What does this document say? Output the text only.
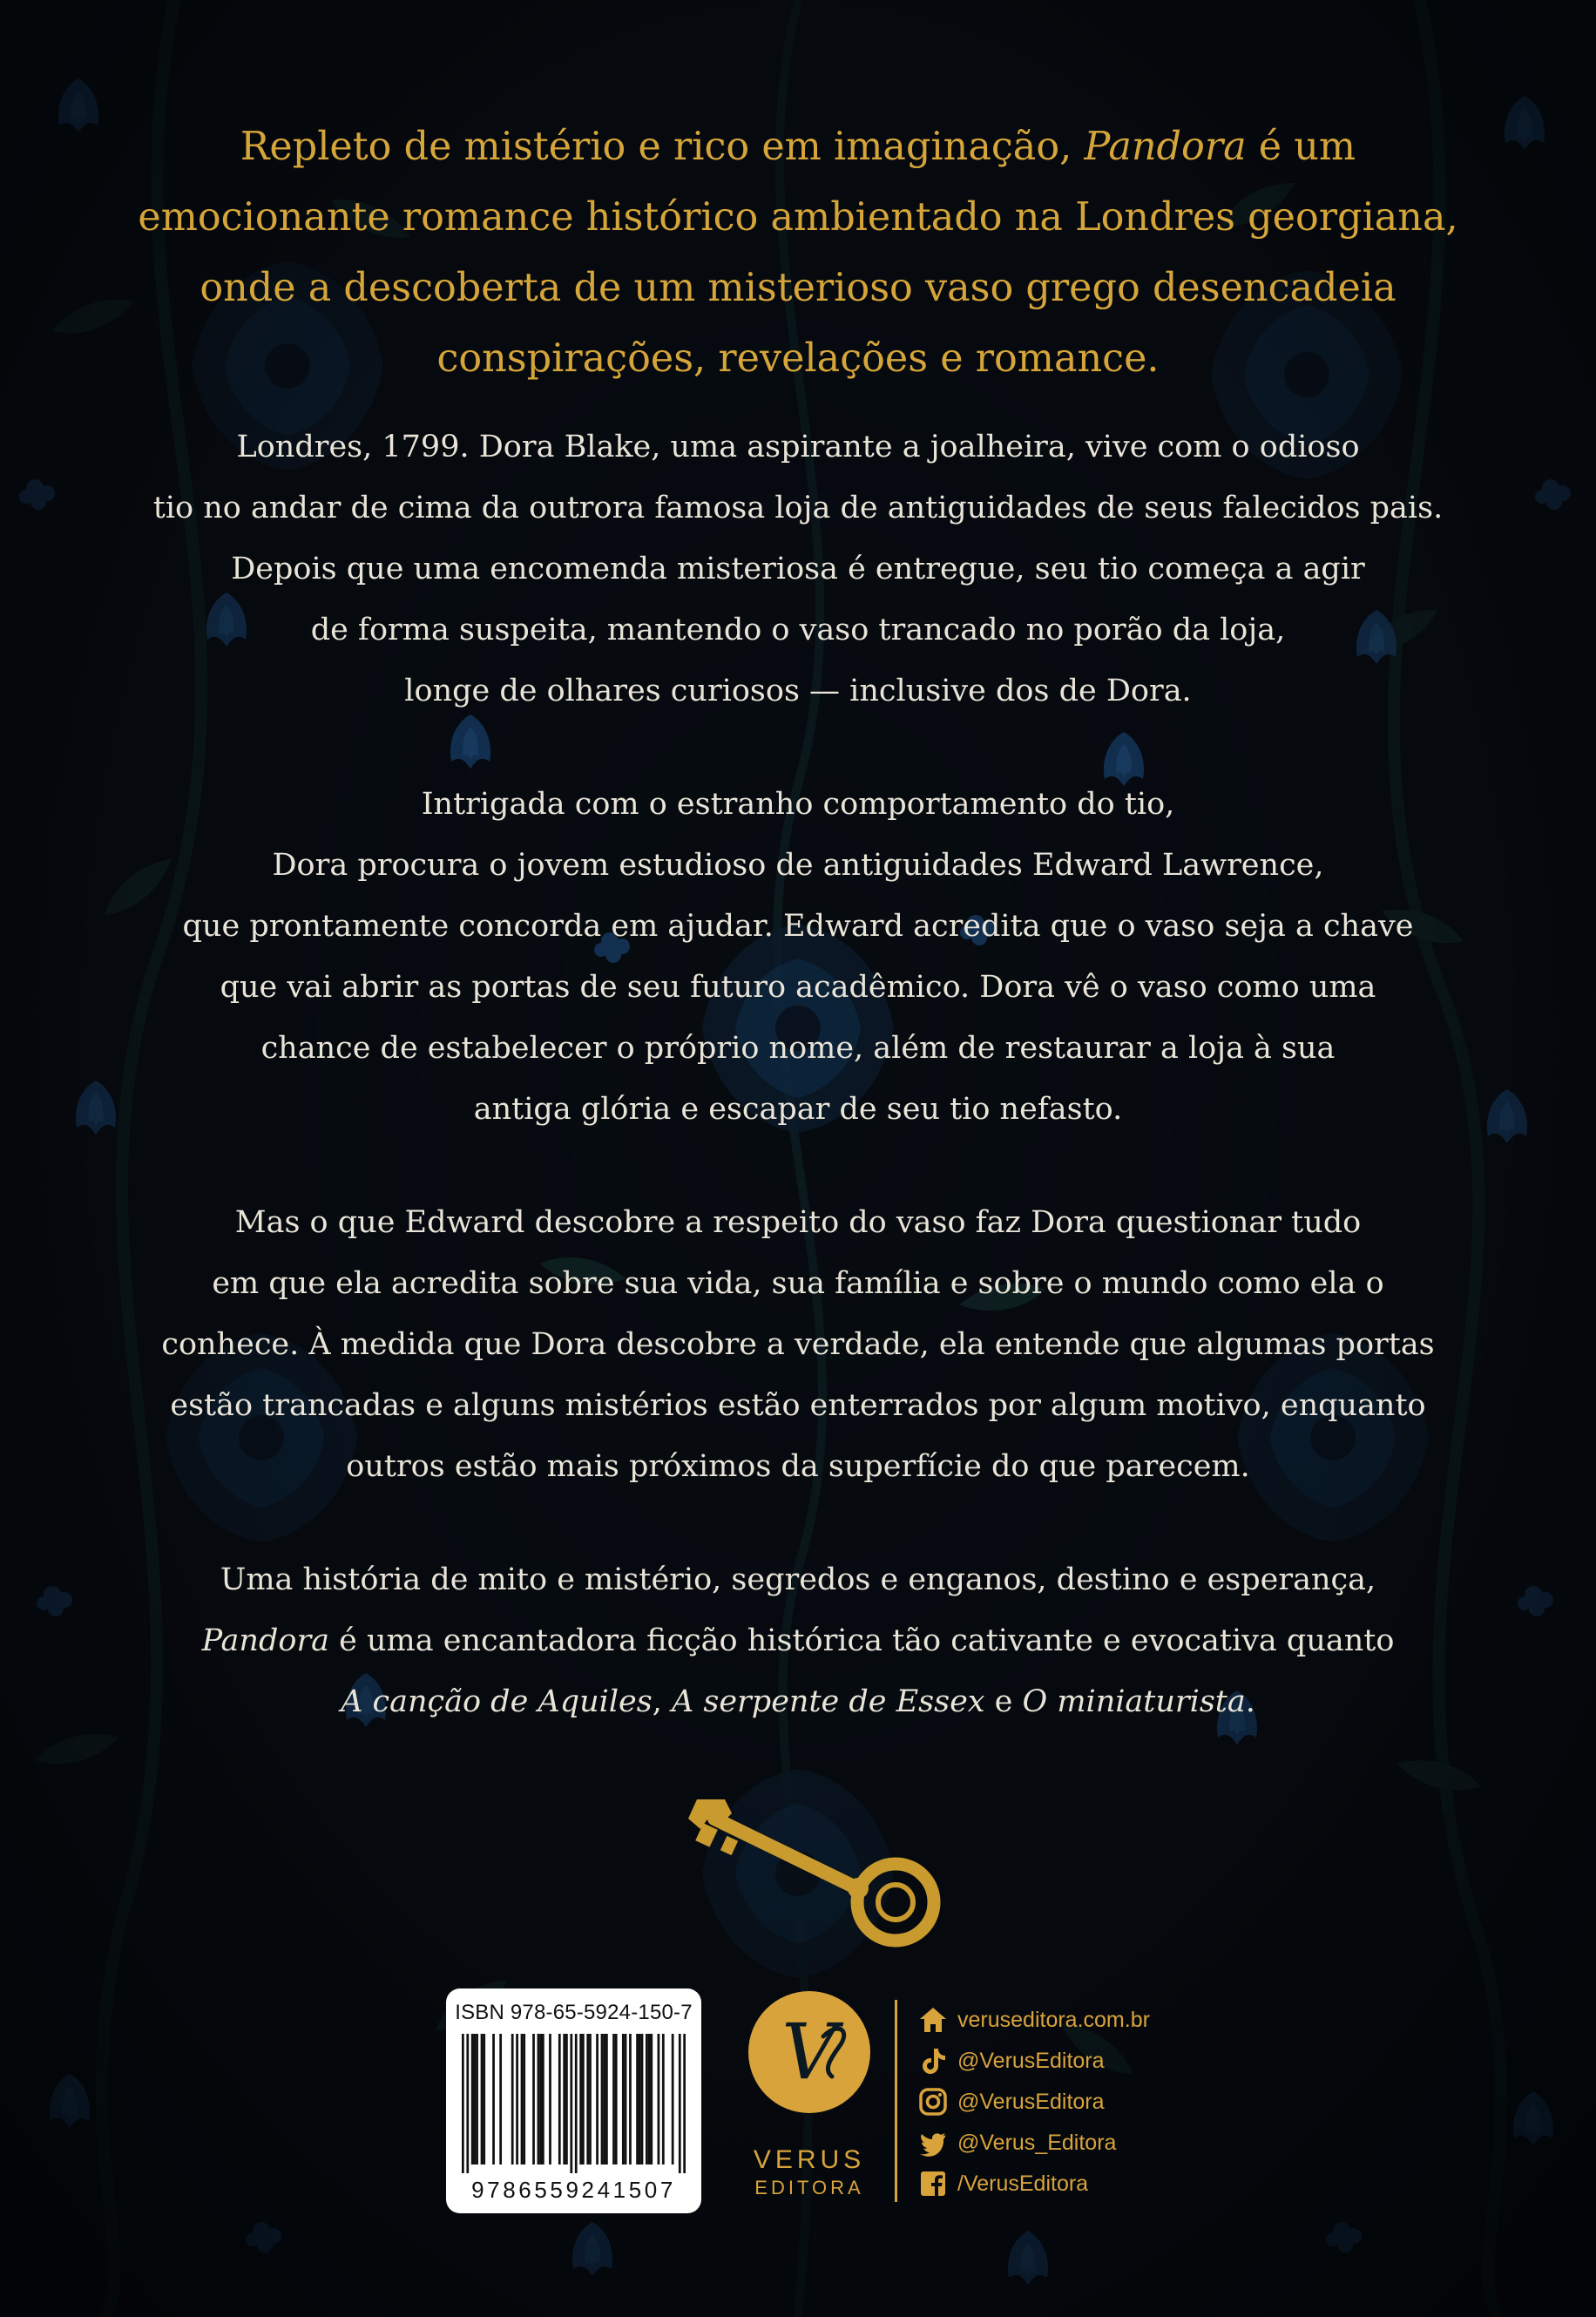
Repleto de mistério e rico em imaginação, Pandora é um
emocionante romance histórico ambientado na Londres georgiana,
onde a descoberta de um misterioso vaso grego desencadeia
conspirações, revelações e romance.
Londres, 1799. Dora Blake, uma aspirante a joalheira, vive com o odioso
tio no andar de cima da outrora famosa loja de antiguidades de seus falecidos pais.
Depois que uma encomenda misteriosa é entregue, seu tio começa a agir
de forma suspeita, mantendo o vaso trancado no porão da loja,
longe de olhares curiosos — inclusive dos de Dora.
Intrigada com o estranho comportamento do tio,
Dora procura o jovem estudioso de antiguidades Edward Lawrence,
que prontamente concorda em ajudar. Edward acredita que o vaso seja a chave
que vai abrir as portas de seu futuro acadêmico. Dora vê o vaso como uma
chance de estabelecer o próprio nome, além de restaurar a loja à sua
antiga glória e escapar de seu tio nefasto.
Mas o que Edward descobre a respeito do vaso faz Dora questionar tudo
em que ela acredita sobre sua vida, sua família e sobre o mundo como ela o
conhece. À medida que Dora descobre a verdade, ela entende que algumas portas
estão trancadas e alguns mistérios estão enterrados por algum motivo, enquanto
outros estão mais próximos da superfície do que parecem.
Uma história de mito e mistério, segredos e enganos, destino e esperança,
Pandora é uma encantadora ficção histórica tão cativante e evocativa quanto
A canção de Aquiles, A serpente de Essex e O miniaturista.
ISBN 978-65-5924-150-7
9786559241507
V
VERUS
EDITORA
veruseditora.com.br
@VerusEditora
@VerusEditora
@Verus_Editora
/VerusEditora
